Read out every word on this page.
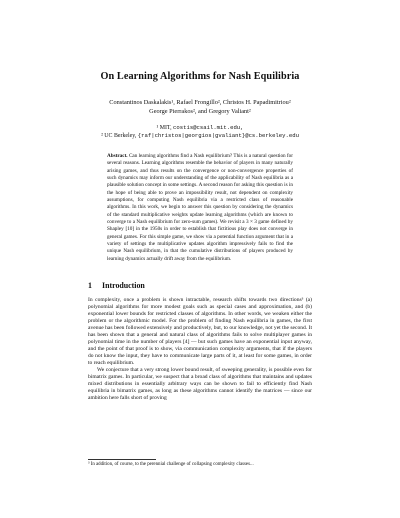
On Learning Algorithms for Nash Equilibria
Constantinos Daskalakis¹, Rafael Frongillo², Christos H. Papadimitriou²
George Pierrakos², and Gregory Valiant²
¹ MIT, costis@csail.mit.edu,
² UC Berkeley, {raf|christos|georgios|gvaliant}@cs.berkeley.edu
Abstract. Can learning algorithms find a Nash equilibrium? This is a natural question for several reasons. Learning algorithms resemble the behavior of players in many naturally arising games, and thus results on the convergence or non-convergence properties of such dynamics may inform our understanding of the applicability of Nash equilibria as a plausible solution concept in some settings. A second reason for asking this question is in the hope of being able to prove an impossibility result, not dependent on complexity assumptions, for computing Nash equilibria via a restricted class of reasonable algorithms. In this work, we begin to answer this question by considering the dynamics of the standard multiplicative weights update learning algorithms (which are known to converge to a Nash equilibrium for zero-sum games). We revisit a 3 × 3 game defined by Shapley [10] in the 1950s in order to establish that fictitious play does not converge in general games. For this simple game, we show via a potential function argument that in a variety of settings the multiplicative updates algorithm impressively fails to find the unique Nash equilibrium, in that the cumulative distributions of players produced by learning dynamics actually drift away from the equilibrium.
1 Introduction

In complexity, once a problem is shown intractable, research shifts towards two directions³ (a) polynomial algorithms for more modest goals such as special cases and approximation, and (b) exponential lower bounds for restricted classes of algorithms. In other words, we weaken either the problem or the algorithmic model. For the problem of finding Nash equilibria in games, the first avenue has been followed extensively and productively, but, to our knowledge, not yet the second. It has been shown that a general and natural class of algorithms fails to solve multiplayer games in polynomial time in the number of players [4] — but such games have an exponential input anyway, and the point of that proof is to show, via communication complexity arguments, that if the players do not know the input, they have to communicate large parts of it, at least for some games, in order to reach equilibrium.

We conjecture that a very strong lower bound result, of sweeping generality, is possible even for bimatrix games. In particular, we suspect that a broad class of algorithms that maintains and updates mixed distributions in essentially arbitrary ways can be shown to fail to efficiently find Nash equilibria in bimatrix games, as long as these algorithms cannot identify the matrices — since our ambition here falls short of proving

³ In addition, of course, to the perennial challenge of collapsing complexity classes...
